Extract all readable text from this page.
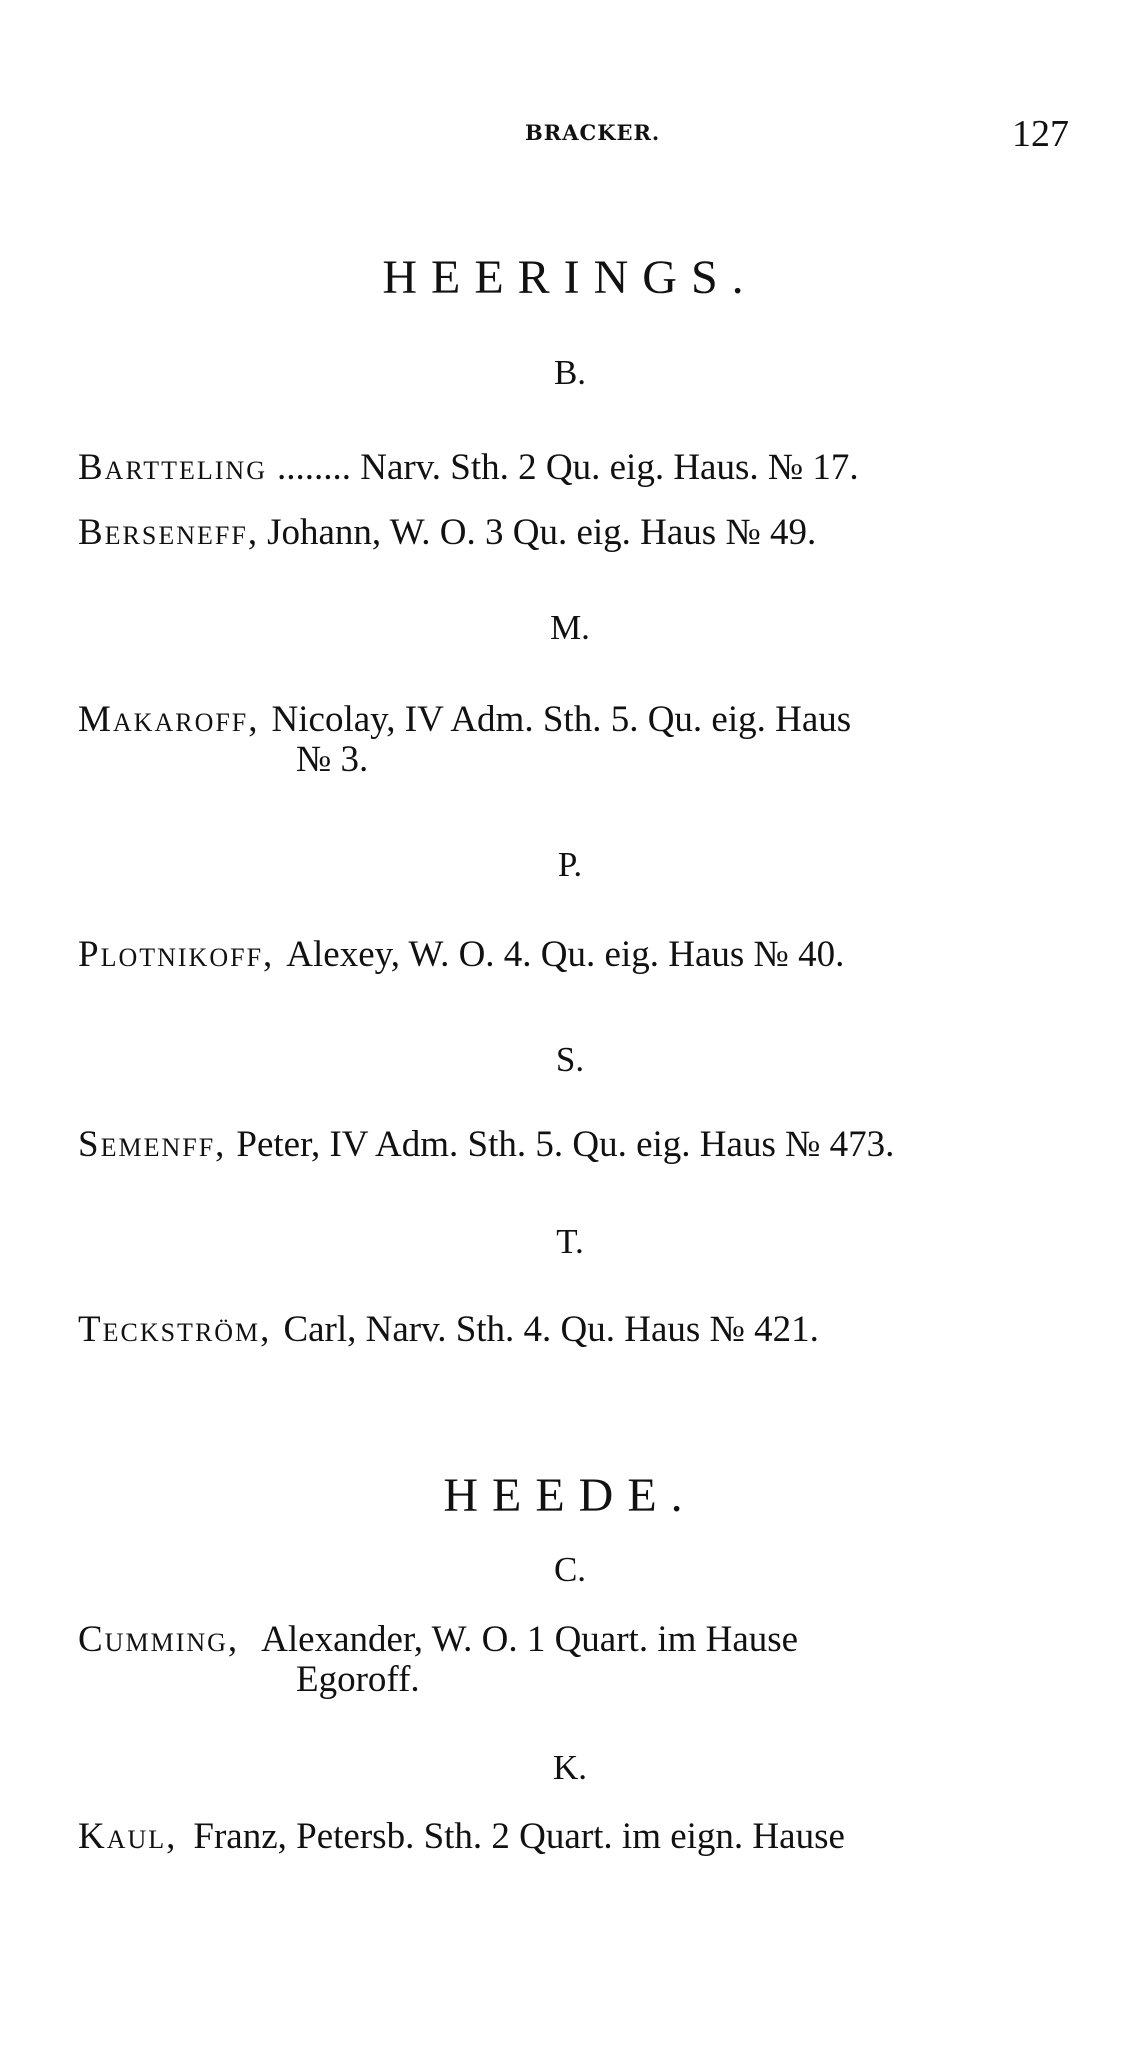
BRACKER.	127
HEERINGS.
B.
Bartteling ........ Narv. Sth. 2 Qu. eig. Haus. № 17.
Berseneff, Johann, W. O. 3 Qu. eig. Haus № 49.
M.
Makaroff, Nicolay, IV Adm. Sth. 5. Qu. eig. Haus
№ 3.
P.
Plotnikoff, Alexey, W. O. 4. Qu. eig. Haus № 40.
S.
Semenff, Peter, IV Adm. Sth. 5. Qu. eig. Haus № 473.
T.
Teckström, Carl, Narv. Sth. 4. Qu. Haus № 421.
HEEDE.
C.
Cumming, Alexander, W. O. 1 Quart. im Hause
Egoroff.
K.
Kaul, Franz, Petersb. Sth. 2 Quart. im eign. Hause
